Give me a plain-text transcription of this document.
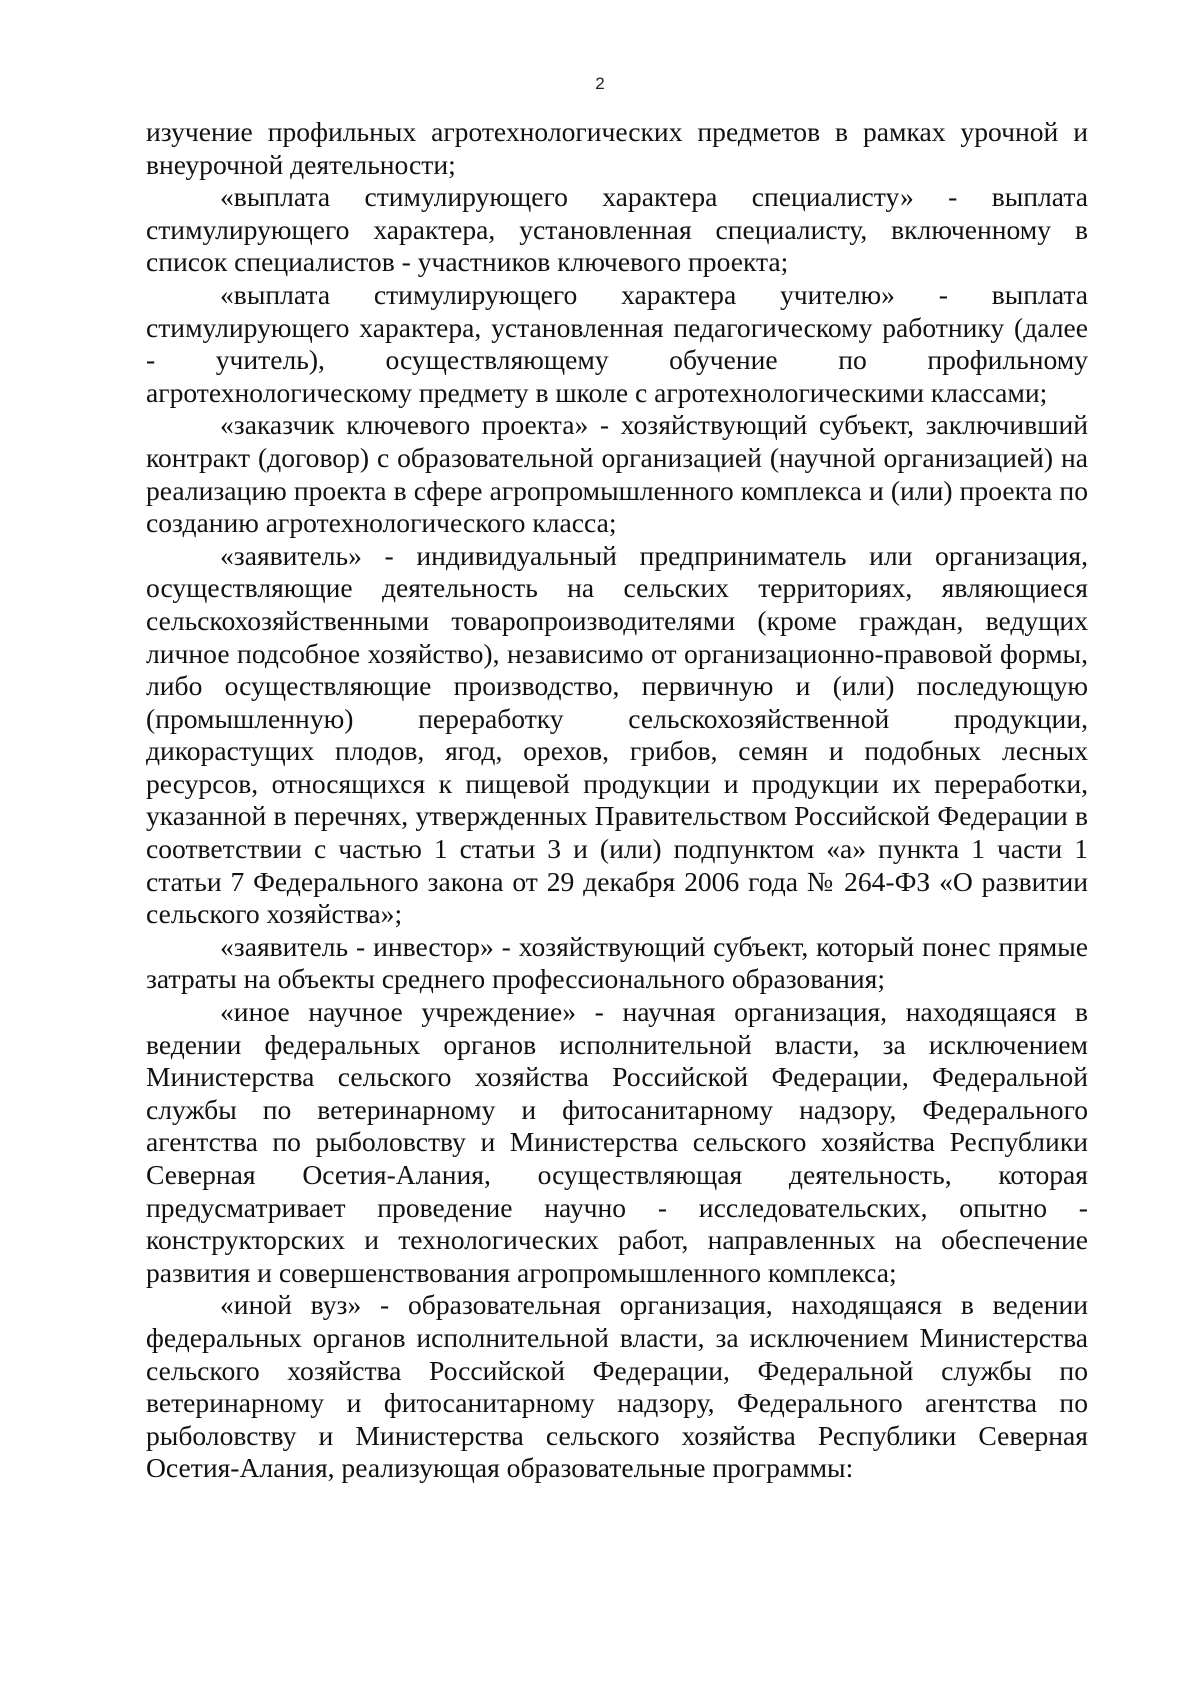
2

изучение профильных агротехнологических предметов в рамках урочной и внеурочной деятельности;

«выплата стимулирующего характера специалисту» - выплата стимулирующего характера, установленная специалисту, включенному в список специалистов - участников ключевого проекта;

«выплата стимулирующего характера учителю» - выплата стимулирующего характера, установленная педагогическому работнику (далее - учитель), осуществляющему обучение по профильному агротехнологическому предмету в школе с агротехнологическими классами;

«заказчик ключевого проекта» - хозяйствующий субъект, заключивший контракт (договор) с образовательной организацией (научной организацией) на реализацию проекта в сфере агропромышленного комплекса и (или) проекта по созданию агротехнологического класса;

«заявитель» - индивидуальный предприниматель или организация, осуществляющие деятельность на сельских территориях, являющиеся сельскохозяйственными товаропроизводителями (кроме граждан, ведущих личное подсобное хозяйство), независимо от организационно-правовой формы, либо осуществляющие производство, первичную и (или) последующую (промышленную) переработку сельскохозяйственной продукции, дикорастущих плодов, ягод, орехов, грибов, семян и подобных лесных ресурсов, относящихся к пищевой продукции и продукции их переработки, указанной в перечнях, утвержденных Правительством Российской Федерации в соответствии с частью 1 статьи 3 и (или) подпунктом «а» пункта 1 части 1 статьи 7 Федерального закона от 29 декабря 2006 года № 264-ФЗ «О развитии сельского хозяйства»;

«заявитель - инвестор» - хозяйствующий субъект, который понес прямые затраты на объекты среднего профессионального образования;

«иное научное учреждение» - научная организация, находящаяся в ведении федеральных органов исполнительной власти, за исключением Министерства сельского хозяйства Российской Федерации, Федеральной службы по ветеринарному и фитосанитарному надзору, Федерального агентства по рыболовству и Министерства сельского хозяйства Республики Северная Осетия-Алания, осуществляющая деятельность, которая предусматривает проведение научно - исследовательских, опытно - конструкторских и технологических работ, направленных на обеспечение развития и совершенствования агропромышленного комплекса;

«иной вуз» - образовательная организация, находящаяся в ведении федеральных органов исполнительной власти, за исключением Министерства сельского хозяйства Российской Федерации, Федеральной службы по ветеринарному и фитосанитарному надзору, Федерального агентства по рыболовству и Министерства сельского хозяйства Республики Северная Осетия-Алания, реализующая образовательные программы:
